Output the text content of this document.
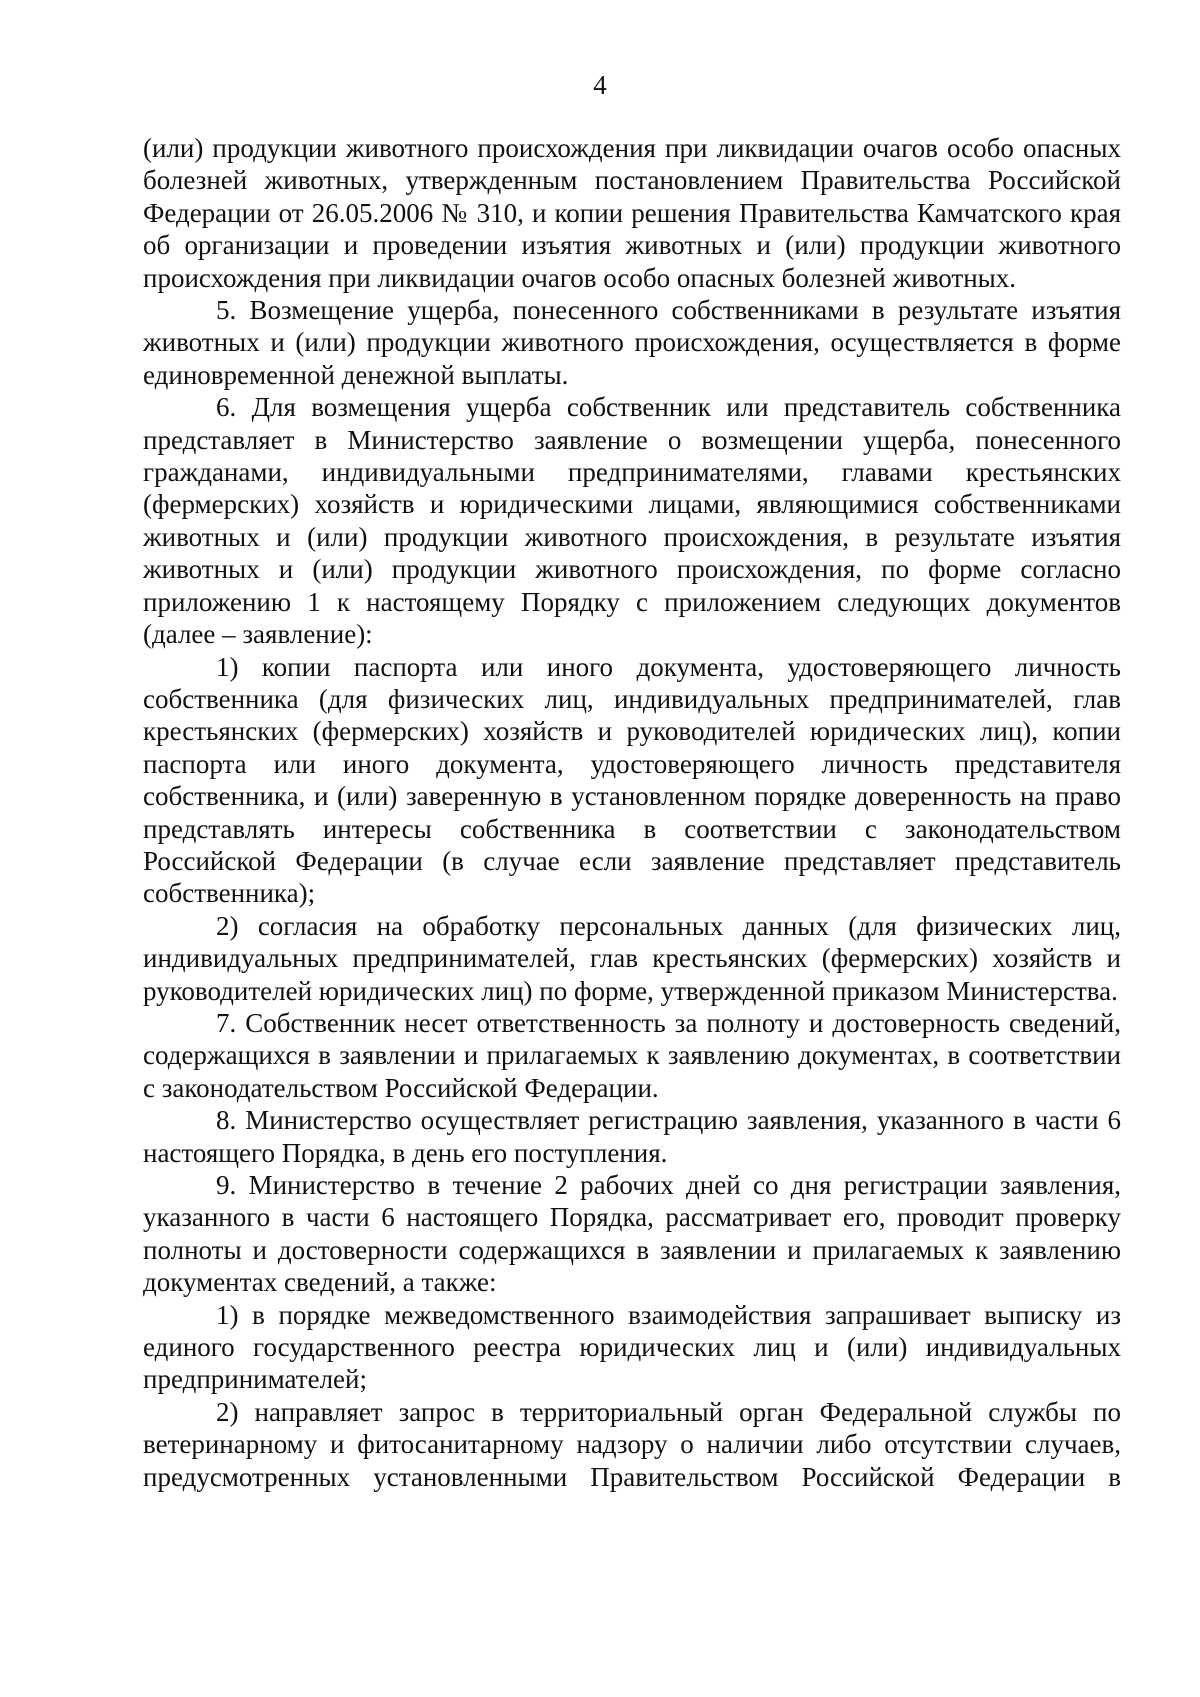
4

(или) продукции животного происхождения при ликвидации очагов особо опасных болезней животных, утвержденным постановлением Правительства Российской Федерации от 26.05.2006 № 310, и копии решения Правительства Камчатского края об организации и проведении изъятия животных и (или) продукции животного происхождения при ликвидации очагов особо опасных болезней животных.

5. Возмещение ущерба, понесенного собственниками в результате изъятия животных и (или) продукции животного происхождения, осуществляется в форме единовременной денежной выплаты.

6. Для возмещения ущерба собственник или представитель собственника представляет в Министерство заявление о возмещении ущерба, понесенного гражданами, индивидуальными предпринимателями, главами крестьянских (фермерских) хозяйств и юридическими лицами, являющимися собственниками животных и (или) продукции животного происхождения, в результате изъятия животных и (или) продукции животного происхождения, по форме согласно приложению 1 к настоящему Порядку с приложением следующих документов (далее – заявление):

1) копии паспорта или иного документа, удостоверяющего личность собственника (для физических лиц, индивидуальных предпринимателей, глав крестьянских (фермерских) хозяйств и руководителей юридических лиц), копии паспорта или иного документа, удостоверяющего личность представителя собственника, и (или) заверенную в установленном порядке доверенность на право представлять интересы собственника в соответствии с законодательством Российской Федерации (в случае если заявление представляет представитель собственника);

2) согласия на обработку персональных данных (для физических лиц, индивидуальных предпринимателей, глав крестьянских (фермерских) хозяйств и руководителей юридических лиц) по форме, утвержденной приказом Министерства.

7. Собственник несет ответственность за полноту и достоверность сведений, содержащихся в заявлении и прилагаемых к заявлению документах, в соответствии с законодательством Российской Федерации.

8. Министерство осуществляет регистрацию заявления, указанного в части 6 настоящего Порядка, в день его поступления.

9. Министерство в течение 2 рабочих дней со дня регистрации заявления, указанного в части 6 настоящего Порядка, рассматривает его, проводит проверку полноты и достоверности содержащихся в заявлении и прилагаемых к заявлению документах сведений, а также:

1) в порядке межведомственного взаимодействия запрашивает выписку из единого государственного реестра юридических лиц и (или) индивидуальных предпринимателей;

2) направляет запрос в территориальный орган Федеральной службы по ветеринарному и фитосанитарному надзору о наличии либо отсутствии случаев, предусмотренных установленными Правительством Российской Федерации в
